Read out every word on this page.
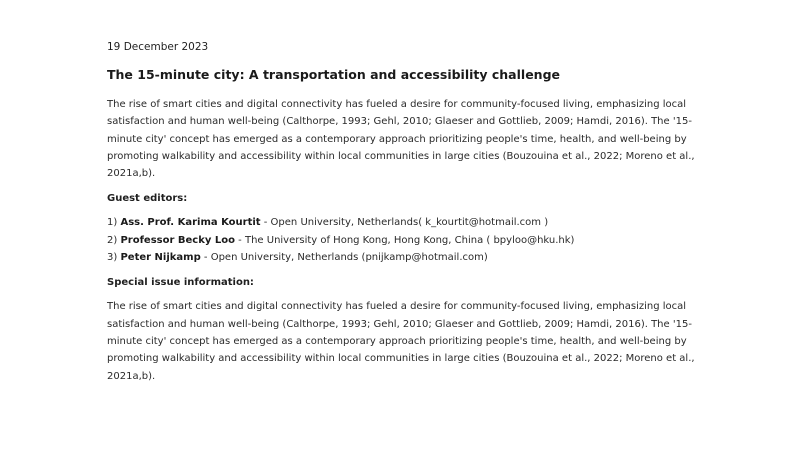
19 December 2023
The 15-minute city: A transportation and accessibility challenge

The rise of smart cities and digital connectivity has fueled a desire for community-focused living, emphasizing local satisfaction and human well-being (Calthorpe, 1993; Gehl, 2010; Glaeser and Gottlieb, 2009; Hamdi, 2016). The '15-minute city' concept has emerged as a contemporary approach prioritizing people's time, health, and well-being by promoting walkability and accessibility within local communities in large cities (Bouzouina et al., 2022; Moreno et al., 2021a,b).

Guest editors:
1) Ass. Prof. Karima Kourtit - Open University, Netherlands( k_kourtit@hotmail.com )
2) Professor Becky Loo - The University of Hong Kong, Hong Kong, China ( bpyloo@hku.hk)
3) Peter Nijkamp - Open University, Netherlands (pnijkamp@hotmail.com)
Special issue information:

The rise of smart cities and digital connectivity has fueled a desire for community-focused living, emphasizing local satisfaction and human well-being (Calthorpe, 1993; Gehl, 2010; Glaeser and Gottlieb, 2009; Hamdi, 2016). The '15-minute city' concept has emerged as a contemporary approach prioritizing people's time, health, and well-being by promoting walkability and accessibility within local communities in large cities (Bouzouina et al., 2022; Moreno et al., 2021a,b).
